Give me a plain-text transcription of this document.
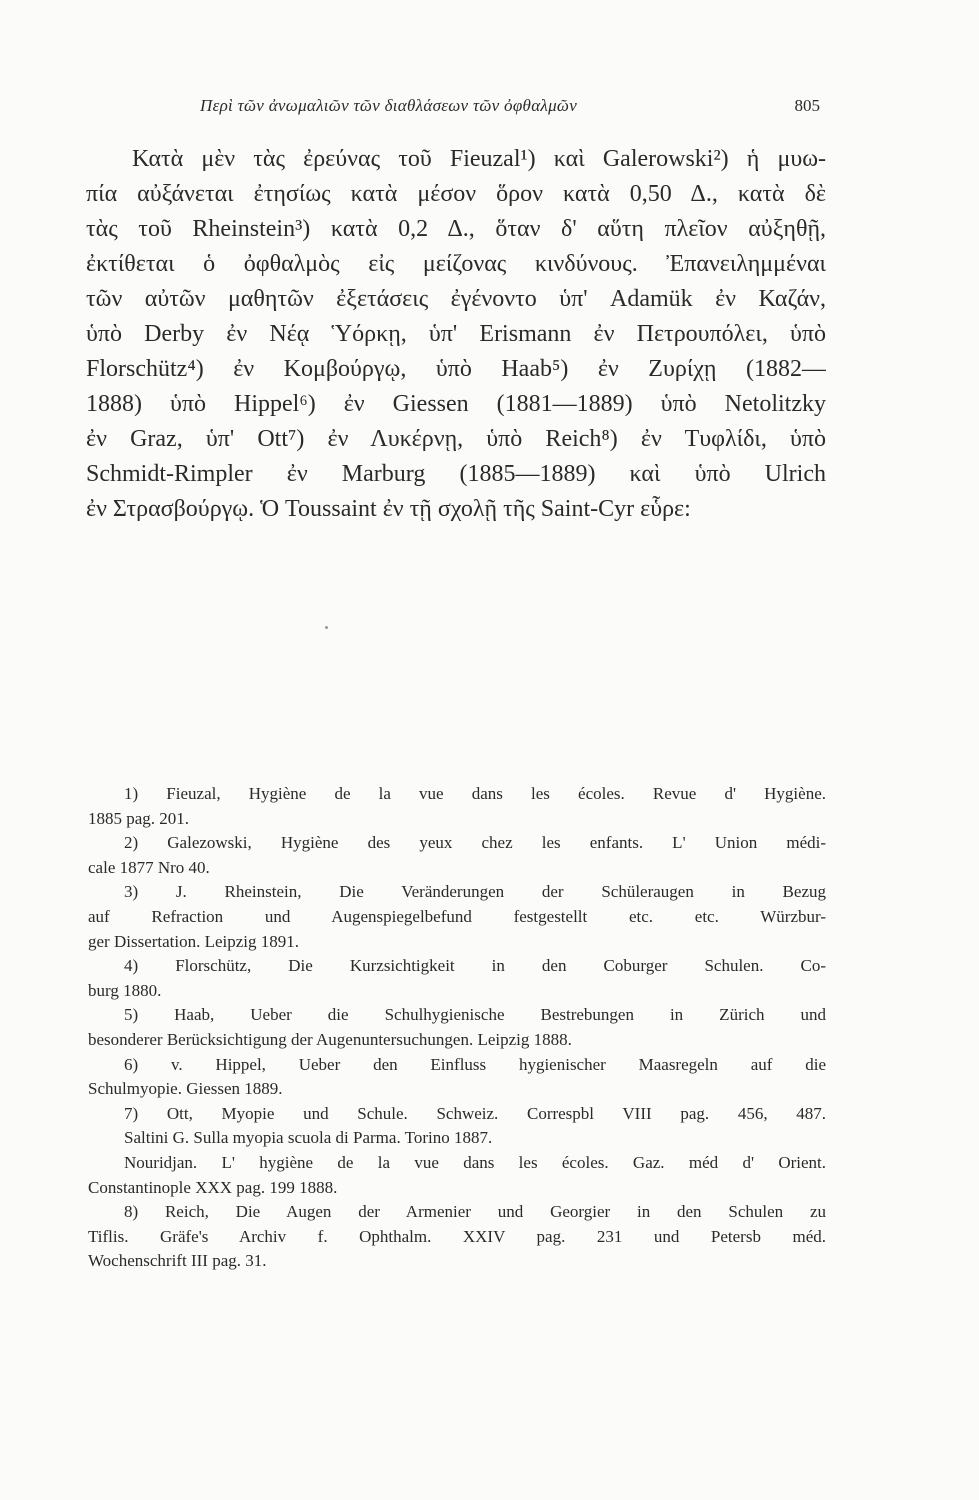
Περὶ τῶν ἀνωμαλιῶν τῶν διαθλάσεων τῶν ὀφθαλμῶν	805
Κατὰ μὲν τὰς ἐρεύνας τοῦ Fieuzal¹) καὶ Galerowski²) ἡ μυω-
πία αὐξάνεται ἐτησίως κατὰ μέσον ὅρον κατὰ 0,50 Δ., κατὰ δὲ
τὰς τοῦ Rheinstein³) κατὰ 0,2 Δ., ὅταν δ' αὕτη πλεῖον αὐξηθῇ,
ἐκτίθεται ὁ ὀφθαλμὸς εἰς μείζονας κινδύνους. Ἐπανειλημμέναι
τῶν αὐτῶν μαθητῶν ἐξετάσεις ἐγένοντο ὑπ' Adamük ἐν Καζάν,
ὑπὸ Derby ἐν Νέᾳ Ὑόρκῃ, ὑπ' Erismann ἐν Πετρουπόλει, ὑπὸ
Florschütz⁴) ἐν Κομβούργῳ, ὑπὸ Haab⁵) ἐν Ζυρίχῃ (1882—
1888) ὑπὸ Hippel⁶) ἐν Giessen (1881—1889) ὑπὸ Netolitzky
ἐν Graz, ὑπ' Ott⁷) ἐν Λυκέρνῃ, ὑπὸ Reich⁸) ἐν Τυφλίδι, ὑπὸ
Schmidt-Rimpler ἐν Marburg (1885—1889) καὶ ὑπὸ Ulrich
ἐν Στρασβούργῳ. Ὁ Toussaint ἐν τῇ σχολῇ τῆς Saint-Cyr εὗρε:
1) Fieuzal, Hygiène de la vue dans les écoles. Revue d' Hygiène.
1885 pag. 201.
2) Galezowski, Hygiène des yeux chez les enfants. L' Union médi-
cale 1877 Nro 40.
3) J. Rheinstein, Die Veränderungen der Schüleraugen in Bezug
auf Refraction und Augenspiegelbefund festgestellt etc. etc. Würzbur-
ger Dissertation. Leipzig 1891.
4) Florschütz, Die Kurzsichtigkeit in den Coburger Schulen. Co-
burg 1880.
5) Haab, Ueber die Schulhygienische Bestrebungen in Zürich und
besonderer Berücksichtigung der Augenuntersuchungen. Leipzig 1888.
6) v. Hippel, Ueber den Einfluss hygienischer Maasregeln auf die
Schulmyopie. Giessen 1889.
7) Ott, Myopie und Schule. Schweiz. Correspbl VIII pag. 456, 487.
Saltini G. Sulla myopia scuola di Parma. Torino 1887.
Nouridjan. L' hygiène de la vue dans les écoles. Gaz. méd d' Orient.
Constantinople XXX pag. 199 1888.
8) Reich, Die Augen der Armenier und Georgier in den Schulen zu
Tiflis. Gräfe's Archiv f. Ophthalm. XXIV pag. 231 und Petersb méd.
Wochenschrift III pag. 31.
